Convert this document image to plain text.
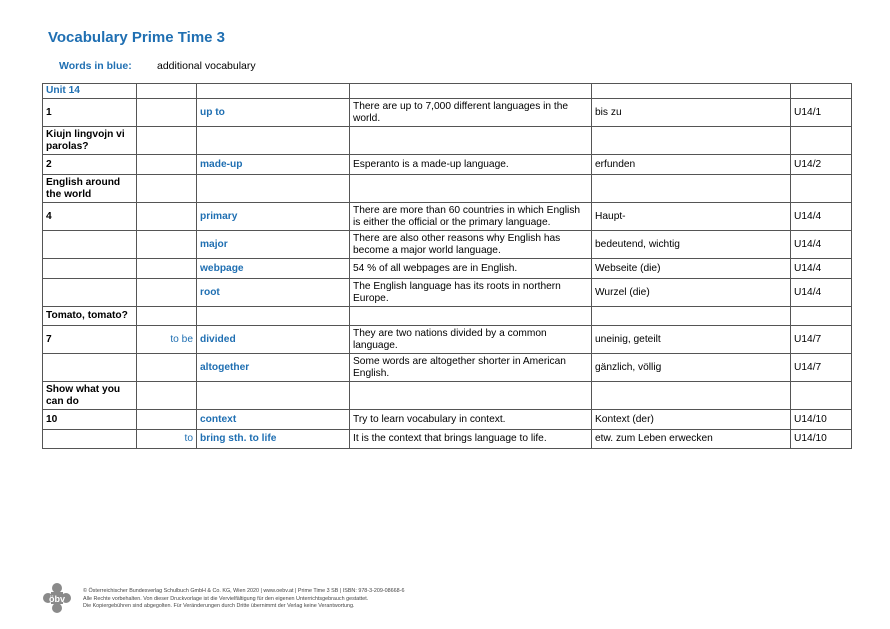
Vocabulary Prime Time 3
Words in blue: additional vocabulary
Unit 14					
1		up to	There are up to 7,000 different languages in the world.	bis zu	U14/1
Kiujn lingvojn vi parolas?					
2		made-up	Esperanto is a made-up language.	erfunden	U14/2
English around the world					
4		primary	There are more than 60 countries in which English is either the official or the primary language.	Haupt-	U14/4
		major	There are also other reasons why English has become a major world language.	bedeutend, wichtig	U14/4
		webpage	54 % of all webpages are in English.	Webseite (die)	U14/4
		root	The English language has its roots in northern Europe.	Wurzel (die)	U14/4
Tomato, tomato?					
7	to be	divided	They are two nations divided by a common language.	uneinig, geteilt	U14/7
		altogether	Some words are altogether shorter in American English.	gänzlich, völlig	U14/7
Show what you can do					
10		context	Try to learn vocabulary in context.	Kontext (der)	U14/10
	to	bring sth. to life	It is the context that brings language to life.	etw. zum Leben erwecken	U14/10
öbv
© Österreichischer Bundesverlag Schulbuch GmbH & Co. KG, Wien 2020 | www.oebv.at | Prime Time 3 SB | ISBN: 978-3-209-08668-6
Alle Rechte vorbehalten. Von dieser Druckvorlage ist die Vervielfältigung für den eigenen Unterrichtsgebrauch gestattet.
Die Kopiergebühren sind abgegolten. Für Veränderungen durch Dritte übernimmt der Verlag keine Verantwortung.
